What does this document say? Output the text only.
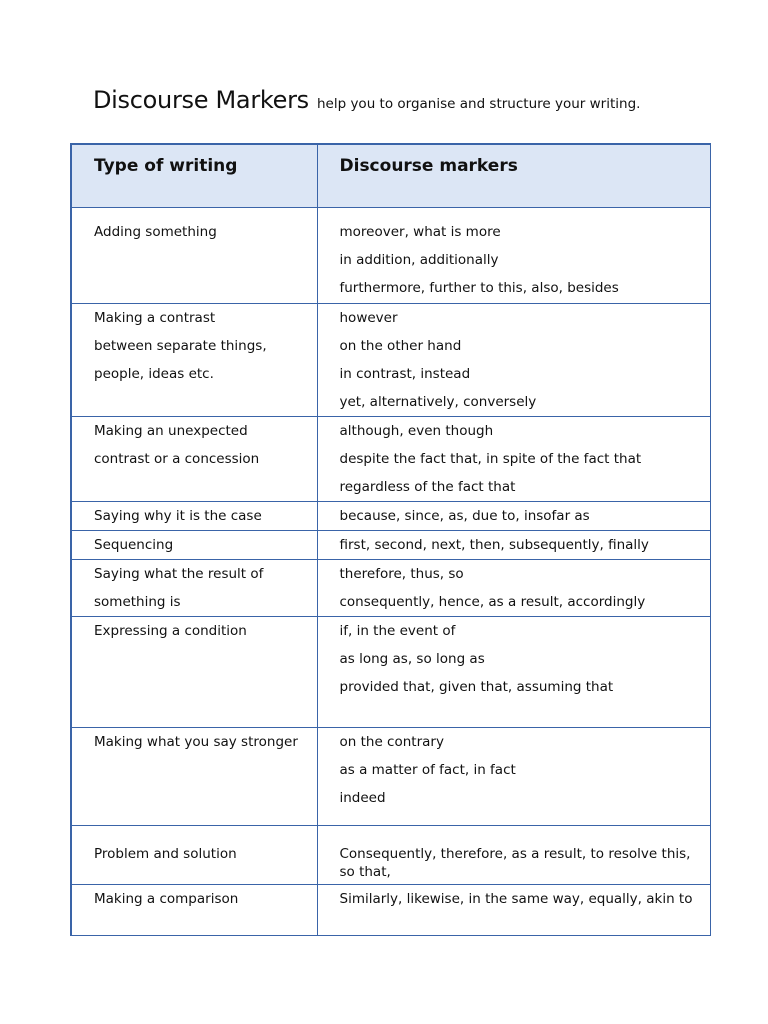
Discourse Markers help you to organise and structure your writing.
Type of writing	Discourse markers

Adding something	moreover, what is more
in addition, additionally
furthermore, further to this, also, besides

Making a contrast
between separate things,
people, ideas etc.	however
on the other hand
in contrast, instead
yet, alternatively, conversely

Making an unexpected
contrast or a concession	although, even though
despite the fact that, in spite of the fact that
regardless of the fact that

Saying why it is the case	because, since, as, due to, insofar as

Sequencing	first, second, next, then, subsequently, finally

Saying what the result of
something is	therefore, thus, so
consequently, hence, as a result, accordingly

Expressing a condition	if, in the event of
as long as, so long as
provided that, given that, assuming that

Making what you say stronger	on the contrary
as a matter of fact, in fact
indeed

Problem and solution	Consequently, therefore, as a result, to resolve this, so that,

Making a comparison	Similarly, likewise, in the same way, equally, akin to
